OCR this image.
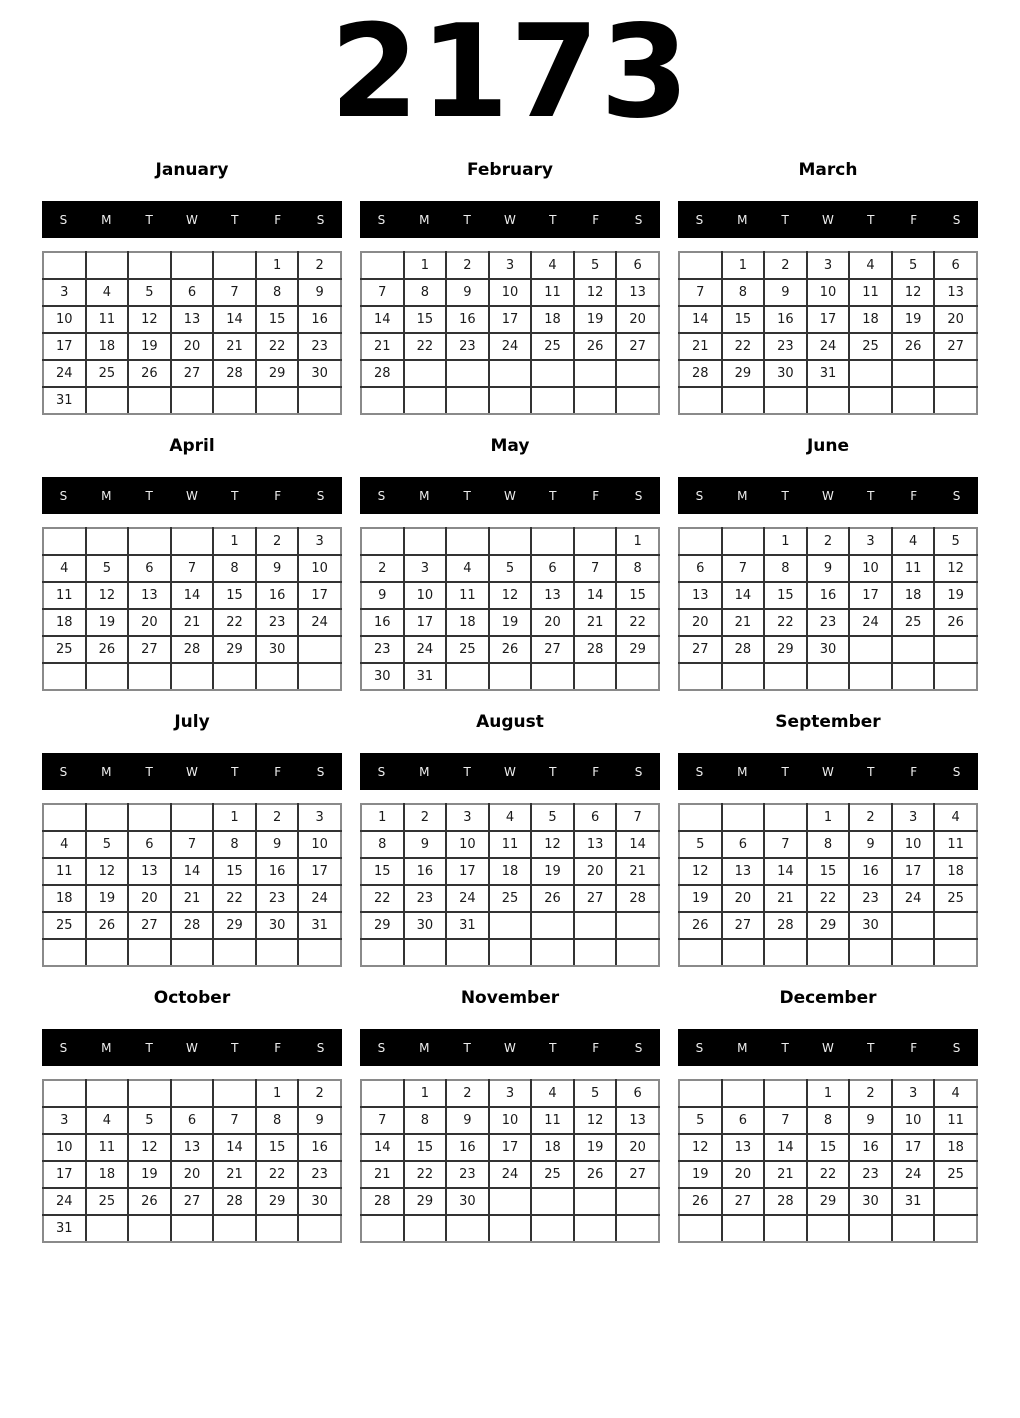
2173
January
S	M	T	W	T	F	S
					1	2
3	4	5	6	7	8	9
10	11	12	13	14	15	16
17	18	19	20	21	22	23
24	25	26	27	28	29	30
31						
February
S	M	T	W	T	F	S
	1	2	3	4	5	6
7	8	9	10	11	12	13
14	15	16	17	18	19	20
21	22	23	24	25	26	27
28						

March
S	M	T	W	T	F	S
	1	2	3	4	5	6
7	8	9	10	11	12	13
14	15	16	17	18	19	20
21	22	23	24	25	26	27
28	29	30	31			

April
S	M	T	W	T	F	S
				1	2	3
4	5	6	7	8	9	10
11	12	13	14	15	16	17
18	19	20	21	22	23	24
25	26	27	28	29	30	

May
S	M	T	W	T	F	S
						1
2	3	4	5	6	7	8
9	10	11	12	13	14	15
16	17	18	19	20	21	22
23	24	25	26	27	28	29
30	31					
June
S	M	T	W	T	F	S
		1	2	3	4	5
6	7	8	9	10	11	12
13	14	15	16	17	18	19
20	21	22	23	24	25	26
27	28	29	30			

July
S	M	T	W	T	F	S
				1	2	3
4	5	6	7	8	9	10
11	12	13	14	15	16	17
18	19	20	21	22	23	24
25	26	27	28	29	30	31

August
S	M	T	W	T	F	S
1	2	3	4	5	6	7
8	9	10	11	12	13	14
15	16	17	18	19	20	21
22	23	24	25	26	27	28
29	30	31				

September
S	M	T	W	T	F	S
			1	2	3	4
5	6	7	8	9	10	11
12	13	14	15	16	17	18
19	20	21	22	23	24	25
26	27	28	29	30		

October
S	M	T	W	T	F	S
					1	2
3	4	5	6	7	8	9
10	11	12	13	14	15	16
17	18	19	20	21	22	23
24	25	26	27	28	29	30
31						
November
S	M	T	W	T	F	S
	1	2	3	4	5	6
7	8	9	10	11	12	13
14	15	16	17	18	19	20
21	22	23	24	25	26	27
28	29	30				

December
S	M	T	W	T	F	S
			1	2	3	4
5	6	7	8	9	10	11
12	13	14	15	16	17	18
19	20	21	22	23	24	25
26	27	28	29	30	31	
